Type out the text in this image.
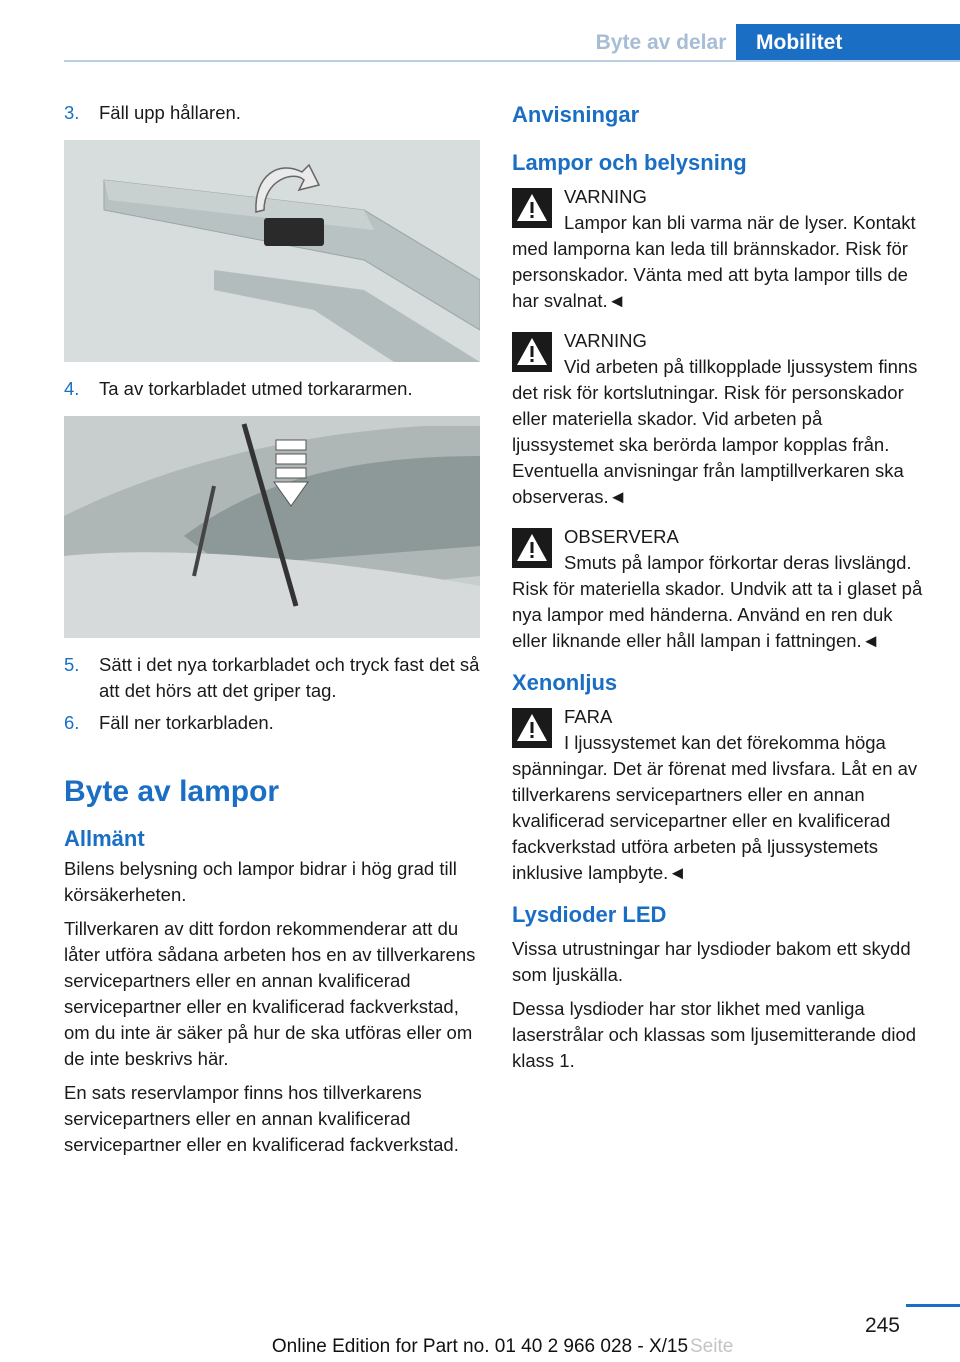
Byte av delar	Mobilitet
3. Fäll upp hållaren.
4. Ta av torkarbladet utmed torkararmen.
5. Sätt i det nya torkarbladet och tryck fast det så att det hörs att det griper tag.
6. Fäll ner torkarbladen.
Byte av lampor
Allmänt

Bilens belysning och lampor bidrar i hög grad till körsäkerheten.

Tillverkaren av ditt fordon rekommenderar att du låter utföra sådana arbeten hos en av tillverkarens servicepartners eller en annan kvalificerad servicepartner eller en kvalificerad fackverkstad, om du inte är säker på hur de ska utföras eller om de inte beskrivs här.

En sats reservlampor finns hos tillverkarens servicepartners eller en annan kvalificerad servicepartner eller en kvalificerad fackverkstad.

Anvisningar
Lampor och belysning
VARNING

Lampor kan bli varma när de lyser. Kontakt med lamporna kan leda till brännskador. Risk för personskador. Vänta med att byta lampor tills de har svalnat.◄

VARNING

Vid arbeten på tillkopplade ljussystem finns det risk för kortslutningar. Risk för personskador eller materiella skador. Vid arbeten på ljussystemet ska berörda lampor kopplas från. Eventuella anvisningar från lamptillverkaren ska observeras.◄

OBSERVERA

Smuts på lampor förkortar deras livslängd. Risk för materiella skador. Undvik att ta i glaset på nya lampor med händerna. Använd en ren duk eller liknande eller håll lampan i fattningen.◄

Xenonljus
FARA

I ljussystemet kan det förekomma höga spänningar. Det är förenat med livsfara. Låt en av tillverkarens servicepartners eller en annan kvalificerad servicepartner eller en kvalificerad fackverkstad utföra arbeten på ljussystemets inklusive lampbyte.◄

Lysdioder LED

Vissa utrustningar har lysdioder bakom ett skydd som ljuskälla.

Dessa lysdioder har stor likhet med vanliga laserstrålar och klassas som ljusemitterande diod klass 1.

245
Seite
Online Edition for Part no. 01 40 2 966 028 - X/15
